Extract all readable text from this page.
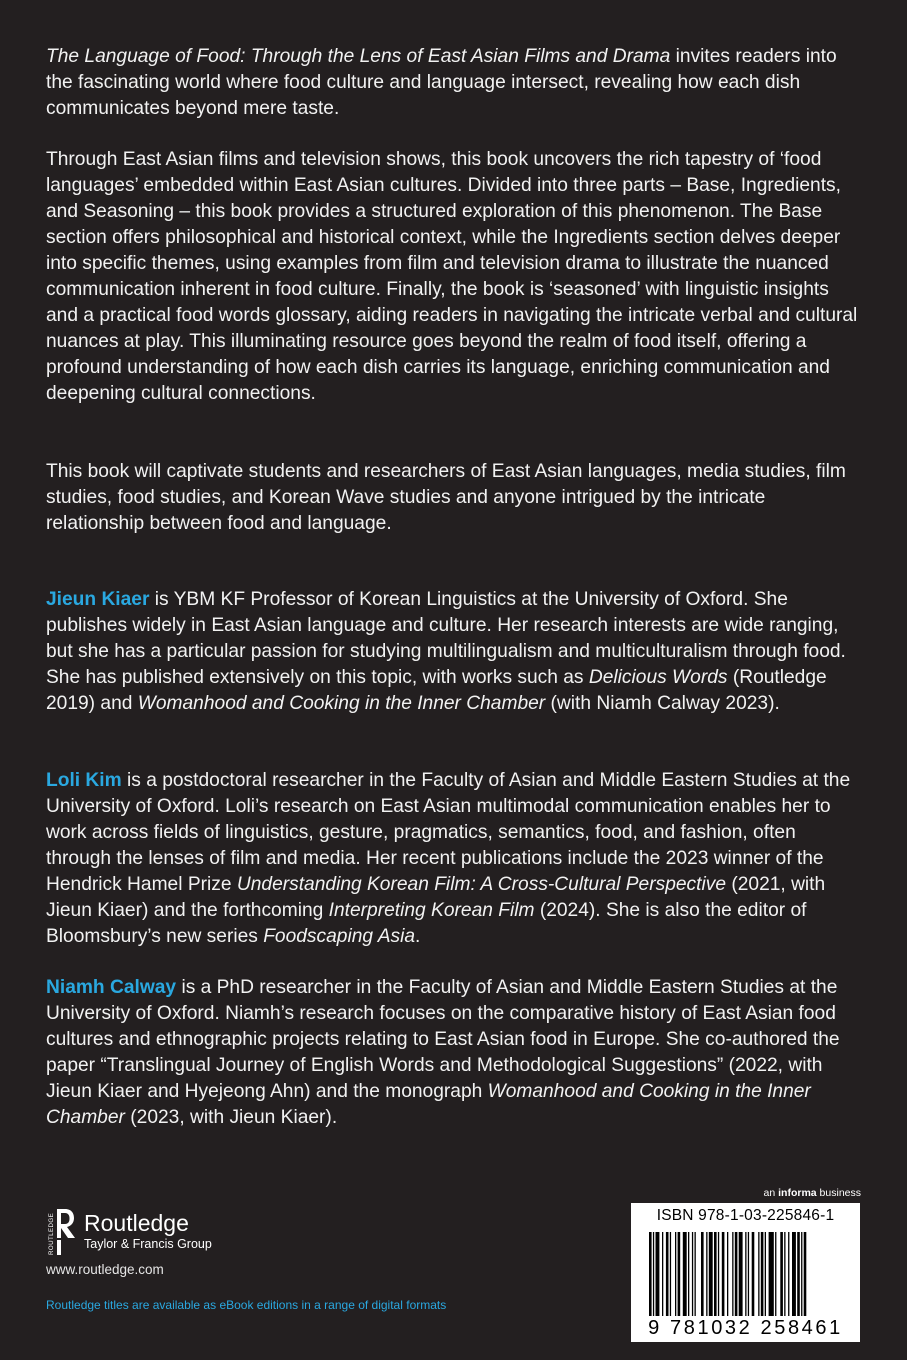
The Language of Food: Through the Lens of East Asian Films and Drama invites readers into the fascinating world where food culture and language intersect, revealing how each dish communicates beyond mere taste.

Through East Asian films and television shows, this book uncovers the rich tapestry of ‘food languages’ embedded within East Asian cultures. Divided into three parts – Base, Ingredients, and Seasoning – this book provides a structured exploration of this phenomenon. The Base section offers philosophical and historical context, while the Ingredients section delves deeper into specific themes, using examples from film and television drama to illustrate the nuanced communication inherent in food culture. Finally, the book is ‘seasoned’ with linguistic insights and a practical food words glossary, aiding readers in navigating the intricate verbal and cultural nuances at play. This illuminating resource goes beyond the realm of food itself, offering a profound understanding of how each dish carries its language, enriching communication and deepening cultural connections.

This book will captivate students and researchers of East Asian languages, media studies, film studies, food studies, and Korean Wave studies and anyone intrigued by the intricate relationship between food and language.

Jieun Kiaer is YBM KF Professor of Korean Linguistics at the University of Oxford. She publishes widely in East Asian language and culture. Her research interests are wide ranging, but she has a particular passion for studying multilingualism and multiculturalism through food. She has published extensively on this topic, with works such as Delicious Words (Routledge 2019) and Womanhood and Cooking in the Inner Chamber (with Niamh Calway 2023).

Loli Kim is a postdoctoral researcher in the Faculty of Asian and Middle Eastern Studies at the University of Oxford. Loli’s research on East Asian multimodal communication enables her to work across fields of linguistics, gesture, pragmatics, semantics, food, and fashion, often through the lenses of film and media. Her recent publications include the 2023 winner of the Hendrick Hamel Prize Understanding Korean Film: A Cross-Cultural Perspective (2021, with Jieun Kiaer) and the forthcoming Interpreting Korean Film (2024). She is also the editor of Bloomsbury’s new series Foodscaping Asia.

Niamh Calway is a PhD researcher in the Faculty of Asian and Middle Eastern Studies at the University of Oxford. Niamh’s research focuses on the comparative history of East Asian food cultures and ethnographic projects relating to East Asian food in Europe. She co-authored the paper “Translingual Journey of English Words and Methodological Suggestions” (2022, with Jieun Kiaer and Hyejeong Ahn) and the monograph Womanhood and Cooking in the Inner Chamber (2023, with Jieun Kiaer).

ROUTLEDGE Routledge
Taylor & Francis Group
www.routledge.com
Routledge titles are available as eBook editions in a range of digital formats
an informa business
ISBN 978-1-03-225846-1
9 781032 258461
